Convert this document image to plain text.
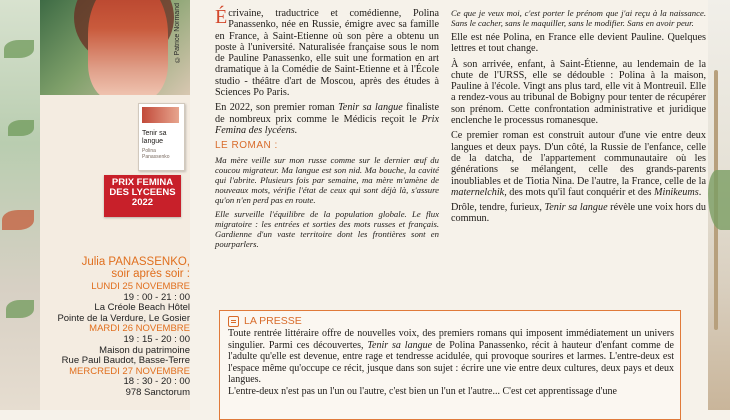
©Patrice Normand
Tenir sa langue
Polina Panassenko
PRIX FEMINA
DES LYCEENS
2022
Julia PANASSENKO,
soir après soir :
LUNDI 25 NOVEMBRE
19 : 00 - 21 : 00
La Créole Beach Hôtel
Pointe de la Verdure, Le Gosier
MARDI 26 NOVEMBRE
19 : 15 - 20 : 00
Maison du patrimoine
Rue Paul Baudot, Basse-Terre
MERCREDI 27 NOVEMBRE
18 : 30 - 20 : 00
978 Sanctorum

Écrivaine, traductrice et comédienne, Polina Panassenko, née en Russie, émigre avec sa famille en France, à Saint-Etienne où son père a obtenu un poste à l'université. Naturalisée française sous le nom de Pauline Panassenko, elle suit une formation en art dramatique à la Comédie de Saint-Etienne et à l'École studio - théâtre d'art de Moscou, après des études à Sciences Po Paris.

En 2022, son premier roman Tenir sa langue finaliste de nombreux prix comme le Médicis reçoit le Prix Femina des lycéens.

LE ROMAN :

Ma mère veille sur mon russe comme sur le dernier œuf du coucou migrateur. Ma langue est son nid. Ma bouche, la cavité qui l'abrite. Plusieurs fois par semaine, ma mère m'amène de nouveaux mots, vérifie l'état de ceux qui sont déjà là, s'assure qu'on n'en perd pas en route.

Elle surveille l'équilibre de la population globale. Le flux migratoire : les entrées et sorties des mots russes et français. Gardienne d'un vaste territoire dont les frontières sont en pourparlers.

Ce que je veux moi, c'est porter le prénom que j'ai reçu à la naissance. Sans le cacher, sans le maquiller, sans le modifier. Sans en avoir peur.

Elle est née Polina, en France elle devient Pauline. Quelques lettres et tout change.

À son arrivée, enfant, à Saint-Étienne, au lendemain de la chute de l'URSS, elle se dédouble : Polina à la maison, Pauline à l'école. Vingt ans plus tard, elle vit à Montreuil. Elle a rendez-vous au tribunal de Bobigny pour tenter de récupérer son prénom. Cette confrontation administrative et juridique enclenche le processus romanesque.

Ce premier roman est construit autour d'une vie entre deux langues et deux pays. D'un côté, la Russie de l'enfance, celle de la datcha, de l'appartement communautaire où les générations se mélangent, celle des grands-parents inoubliables et de Tiotia Nina. De l'autre, la France, celle de la maternelchik, des mots qu'il faut conquérir et des Minikeums.

Drôle, tendre, furieux, Tenir sa langue révèle une voix hors du commun.

LA PRESSE
Toute rentrée littéraire offre de nouvelles voix, des premiers romans qui imposent immédiatement un univers singulier. Parmi ces découvertes, Tenir sa langue de Polina Panassenko, récit à hauteur d'enfant comme de l'adulte qu'elle est devenue, entre rage et tendresse acidulée, qui provoque sourires et larmes. L'entre-deux est l'espace même qu'occupe ce récit, jusque dans son sujet : écrire une vie entre deux cultures, deux pays et deux langues.
L'entre-deux n'est pas un l'un ou l'autre, c'est bien un l'un et l'autre... C'est cet apprentissage d'une
